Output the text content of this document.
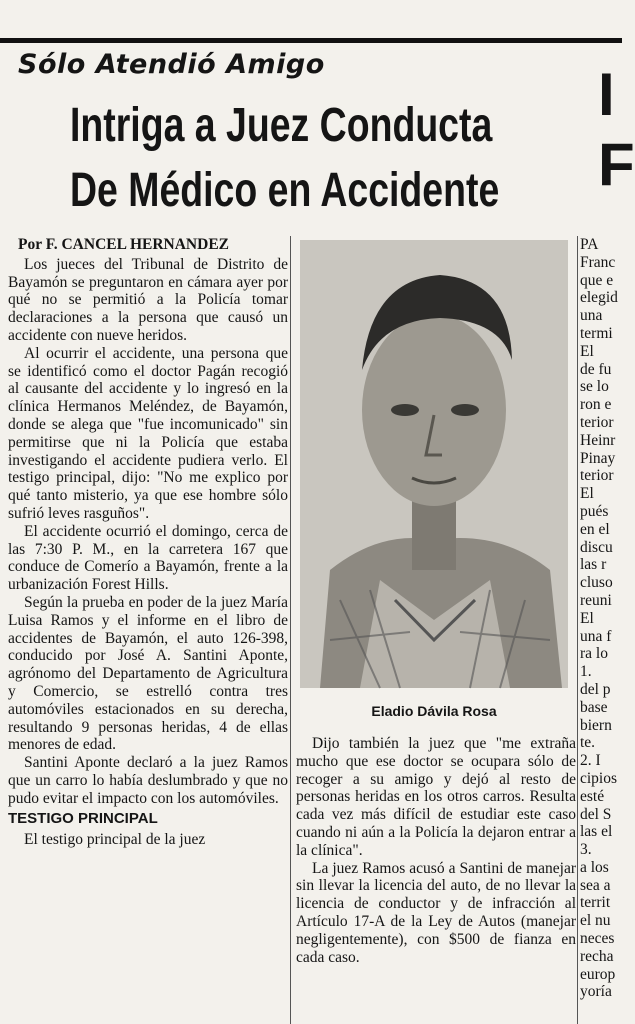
Sólo Atendió Amigo
Intriga a Juez Conducta
De Médico en Accidente
I F

Por F. CANCEL HERNANDEZ

Los jueces del Tribunal de Distrito de Bayamón se preguntaron en cámara ayer por qué no se permitió a la Policía tomar declaraciones a la persona que causó un accidente con nueve heridos.

Al ocurrir el accidente, una persona que se identificó como el doctor Pagán recogió al causante del accidente y lo ingresó en la clínica Hermanos Meléndez, de Bayamón, donde se alega que "fue incomunicado" sin permitirse que ni la Policía que estaba investigando el accidente pudiera verlo. El testigo principal, dijo: "No me explico por qué tanto misterio, ya que ese hombre sólo sufrió leves rasguños".

El accidente ocurrió el domingo, cerca de las 7:30 P. M., en la carretera 167 que conduce de Comerío a Bayamón, frente a la urbanización Forest Hills.

Según la prueba en poder de la juez María Luisa Ramos y el informe en el libro de accidentes de Bayamón, el auto 126-398, conducido por José A. Santini Aponte, agrónomo del Departamento de Agricultura y Comercio, se estrelló contra tres automóviles estacionados en su derecha, resultando 9 personas heridas, 4 de ellas menores de edad.

Santini Aponte declaró a la juez Ramos que un carro lo había deslumbrado y que no pudo evitar el impacto con los automóviles.

TESTIGO PRINCIPAL

El testigo principal de la juez

Eladio Dávila Rosa

Dijo también la juez que "me extraña mucho que ese doctor se ocupara sólo de recoger a su amigo y dejó al resto de personas heridas en los otros carros. Resulta cada vez más difícil de estudiar este caso cuando ni aún a la Policía la dejaron entrar a la clínica".

La juez Ramos acusó a Santini de manejar sin llevar la licencia del auto, de no llevar la licencia de conductor y de infracción al Artículo 17-A de la Ley de Autos (manejar negligentemente), con $500 de fianza en cada caso.

PA
Franc
que e
elegid
una
termi
El
de fu
se lo
ron e
terior
Heinr
Pinay
terior
El
pués
en el
discu
las r
cluso
reuni
El
una f
ra lo
1.
del p
base
biern
te.
2. I
cipios
esté
del S
las el
3.
a los
sea a
territ
el nu
neces
recha
europ
yoría
